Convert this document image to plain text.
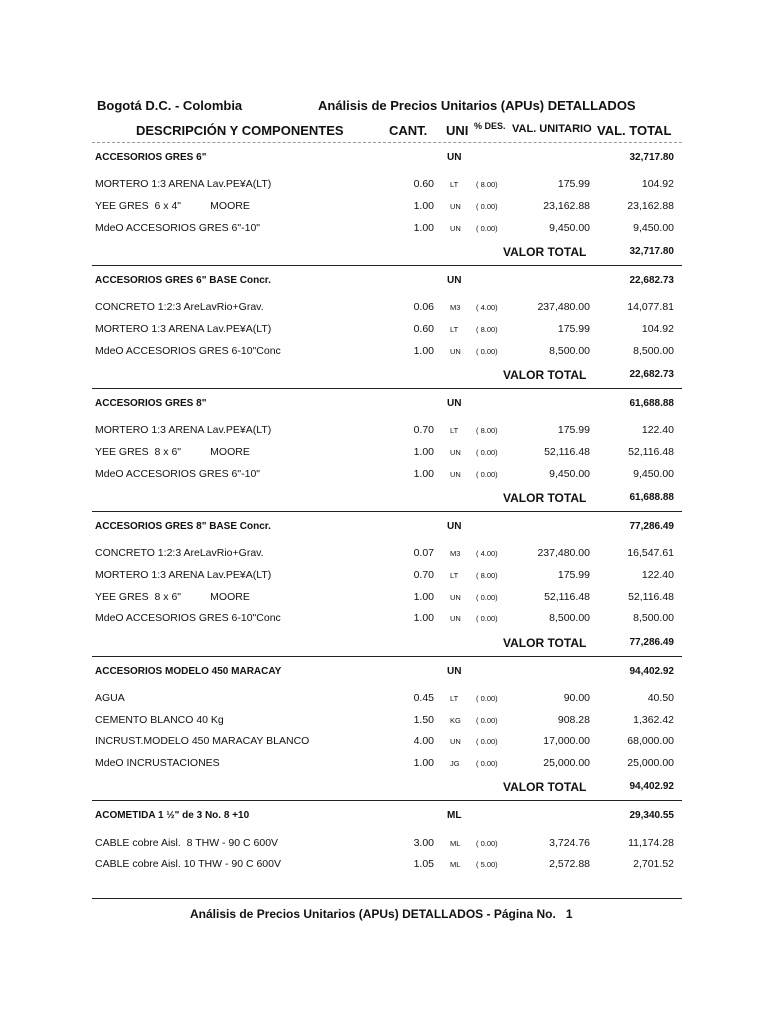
Bogotá D.C. - Colombia	Análisis de Precios Unitarios (APUs) DETALLADOS
DESCRIPCIÓN Y COMPONENTES	CANT. UNI % DES. VAL. UNITARIO VAL. TOTAL
ACCESORIOS GRES 6"	UN	32,717.80
MORTERO 1:3 ARENA Lav.PE¥A(LT)	0.60 LT ( 8.00)	175.99	104.92
YEE GRES  6 x 4"          MOORE	1.00 UN ( 0.00)	23,162.88	23,162.88
MdeO ACCESORIOS GRES 6"-10"	1.00 UN ( 0.00)	9,450.00	9,450.00
VALOR TOTAL	32,717.80
ACCESORIOS GRES 6" BASE Concr.	UN	22,682.73
CONCRETO 1:2:3 AreLavRio+Grav.	0.06 M3 ( 4.00)	237,480.00	14,077.81
MORTERO 1:3 ARENA Lav.PE¥A(LT)	0.60 LT ( 8.00)	175.99	104.92
MdeO ACCESORIOS GRES 6-10"Conc	1.00 UN ( 0.00)	8,500.00	8,500.00
VALOR TOTAL	22,682.73
ACCESORIOS GRES 8"	UN	61,688.88
MORTERO 1:3 ARENA Lav.PE¥A(LT)	0.70 LT ( 8.00)	175.99	122.40
YEE GRES  8 x 6"          MOORE	1.00 UN ( 0.00)	52,116.48	52,116.48
MdeO ACCESORIOS GRES 6"-10"	1.00 UN ( 0.00)	9,450.00	9,450.00
VALOR TOTAL	61,688.88
ACCESORIOS GRES 8" BASE Concr.	UN	77,286.49
CONCRETO 1:2:3 AreLavRio+Grav.	0.07 M3 ( 4.00)	237,480.00	16,547.61
MORTERO 1:3 ARENA Lav.PE¥A(LT)	0.70 LT ( 8.00)	175.99	122.40
YEE GRES  8 x 6"          MOORE	1.00 UN ( 0.00)	52,116.48	52,116.48
MdeO ACCESORIOS GRES 6-10"Conc	1.00 UN ( 0.00)	8,500.00	8,500.00
VALOR TOTAL	77,286.49
ACCESORIOS MODELO 450 MARACAY	UN	94,402.92
AGUA	0.45 LT ( 0.00)	90.00	40.50
CEMENTO BLANCO 40 Kg	1.50 KG ( 0.00)	908.28	1,362.42
INCRUST.MODELO 450 MARACAY BLANCO	4.00 UN ( 0.00)	17,000.00	68,000.00
MdeO INCRUSTACIONES	1.00 JG ( 0.00)	25,000.00	25,000.00
VALOR TOTAL	94,402.92
ACOMETIDA 1 ½" de 3 No. 8 +10	ML	29,340.55
CABLE cobre Aisl.  8 THW - 90 C 600V	3.00 ML ( 0.00)	3,724.76	11,174.28
CABLE cobre Aisl. 10 THW - 90 C 600V	1.05 ML ( 5.00)	2,572.88	2,701.52
Análisis de Precios Unitarios (APUs) DETALLADOS - Página No.   1
